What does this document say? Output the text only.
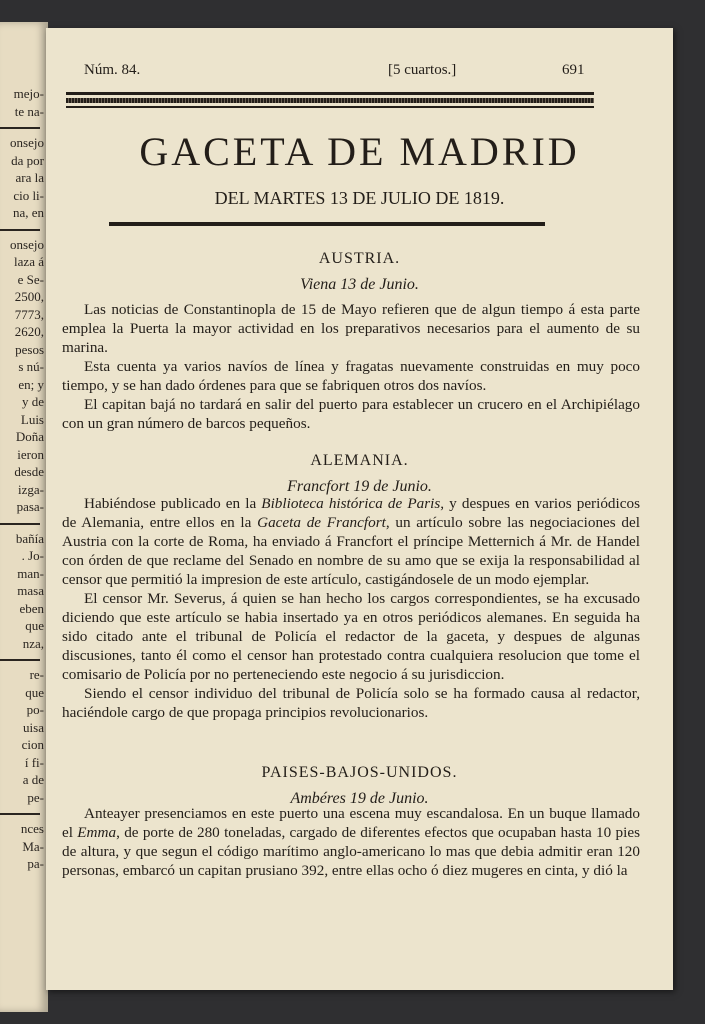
mejo-
te na-
onsejo
da por
ara la
cio li-
na, en
onsejo
laza á
e Se-
2500,
7773,
2620,
pesos
s nú-
en; y
y de
Luis
Doña
ieron
desde
izga-
pasa-
bañía
. Jo-
man-
masa
eben
que
nza,
re-
que
po-
uisa
cion
í fi-
a de
pe-
nces
Ma-
pa-
Núm. 84.	[5 cuartos.]	691
GACETA DE MADRID
DEL MARTES 13 DE JULIO DE 1819.
AUSTRIA.
Viena 13 de Junio.

Las noticias de Constantinopla de 15 de Mayo refieren que de algun tiempo á esta parte emplea la Puerta la mayor actividad en los preparativos necesarios para el aumento de su marina.

Esta cuenta ya varios navíos de línea y fragatas nuevamente construidas en muy poco tiempo, y se han dado órdenes para que se fabriquen otros dos navíos.

El capitan bajá no tardará en salir del puerto para establecer un crucero en el Archipiélago con un gran número de barcos pequeños.

ALEMANIA.
Francfort 19 de Junio.

Habiéndose publicado en la Biblioteca histórica de Paris, y despues en varios periódicos de Alemania, entre ellos en la Gaceta de Francfort, un artículo sobre las negociaciones del Austria con la corte de Roma, ha enviado á Francfort el príncipe Metternich á Mr. de Handel con órden de que reclame del Senado en nombre de su amo que se exija la responsabilidad al censor que permitió la impresion de este artículo, castigándosele de un modo ejemplar.

El censor Mr. Severus, á quien se han hecho los cargos correspondientes, se ha excusado diciendo que este artículo se habia insertado ya en otros periódicos alemanes. En seguida ha sido citado ante el tribunal de Policía el redactor de la gaceta, y despues de algunas discusiones, tanto él como el censor han protestado contra cualquiera resolucion que tome el comisario de Policía por no perteneciendo este negocio á su jurisdiccion.

Siendo el censor individuo del tribunal de Policía solo se ha formado causa al redactor, haciéndole cargo de que propaga principios revolucionarios.

PAISES-BAJOS-UNIDOS.
Ambéres 19 de Junio.

Anteayer presenciamos en este puerto una escena muy escandalosa. En un buque llamado el Emma, de porte de 280 toneladas, cargado de diferentes efectos que ocupaban hasta 10 pies de altura, y que segun el código marítimo anglo-americano lo mas que debia admitir eran 120 personas, embarcó un capitan prusiano 392, entre ellas ocho ó diez mugeres en cinta, y dió la
